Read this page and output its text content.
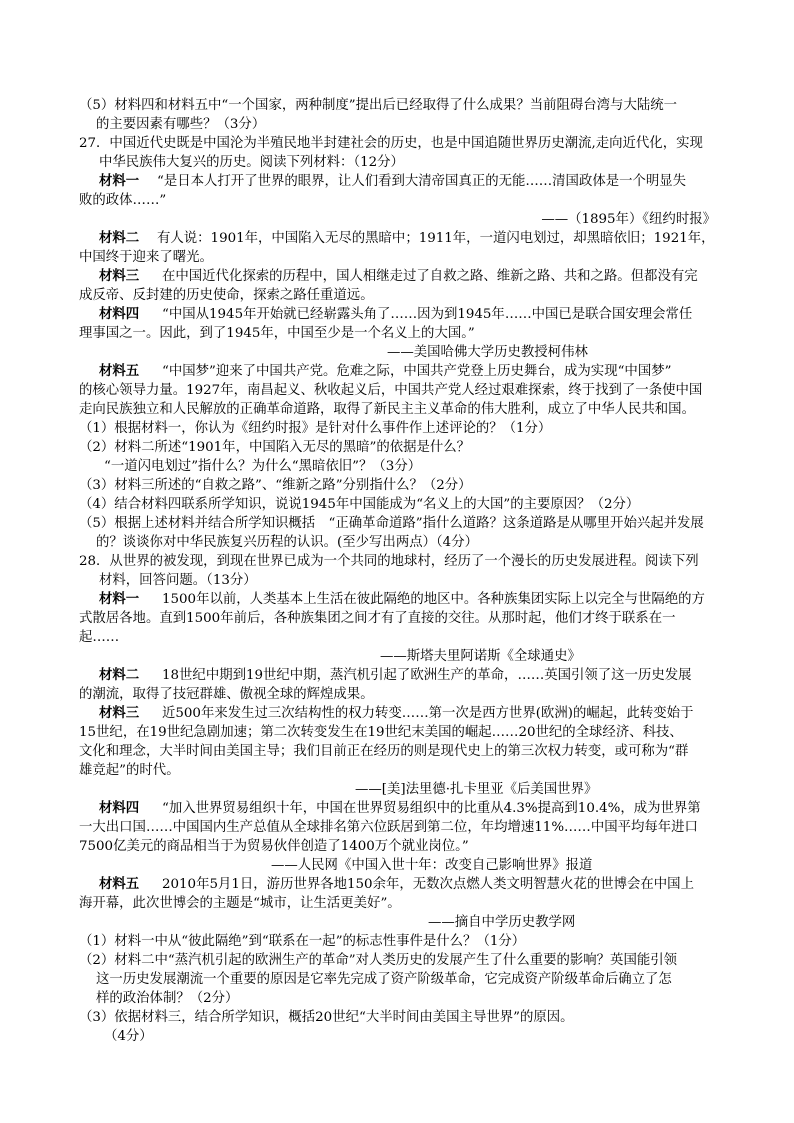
（5）材料四和材料五中“一个国家，两种制度”提出后已经取得了什么成果？当前阻碍台湾与大陆统一
的主要因素有哪些？（3分）
27．中国近代史既是中国沦为半殖民地半封建社会的历史，也是中国追随世界历史潮流,走向近代化，实现
中华民族伟大复兴的历史。阅读下列材料：（12分）
材料一 “是日本人打开了世界的眼界，让人们看到大清帝国真正的无能……清国政体是一个明显失
败的政体……”
——（1895年）《纽约时报》
材料二 有人说：1901年，中国陷入无尽的黑暗中；1911年，一道闪电划过，却黑暗依旧；1921年，
中国终于迎来了曙光。
材料三 在中国近代化探索的历程中，国人相继走过了自救之路、维新之路、共和之路。但都没有完
成反帝、反封建的历史使命，探索之路任重道远。
材料四 “中国从1945年开始就已经崭露头角了……因为到1945年……中国已是联合国安理会常任
理事国之一。因此，到了1945年，中国至少是一个名义上的大国。”
——美国哈佛大学历史教授柯伟林
材料五 “中国梦”迎来了中国共产党。危难之际，中国共产党登上历史舞台，成为实现“中国梦”
的核心领导力量。1927年，南昌起义、秋收起义后，中国共产党人经过艰难探索，终于找到了一条使中国
走向民族独立和人民解放的正确革命道路，取得了新民主主义革命的伟大胜利，成立了中华人民共和国。
（1）根据材料一，你认为《纽约时报》是针对什么事件作上述评论的？（1分）
（2）材料二所述“1901年，中国陷入无尽的黑暗”的依据是什么？
“一道闪电划过”指什么？为什么“黑暗依旧”？（3分）
（3）材料三所述的“自救之路”、“维新之路”分别指什么？（2分）
（4）结合材料四联系所学知识，说说1945年中国能成为“名义上的大国”的主要原因？（2分）
（5）根据上述材料并结合所学知识概括　“正确革命道路”指什么道路？这条道路是从哪里开始兴起并发展
的？谈谈你对中华民族复兴历程的认识。(至少写出两点）（4分）
28．从世界的被发现，到现在世界已成为一个共同的地球村，经历了一个漫长的历史发展进程。阅读下列
材料，回答问题。（13分）
材料一 1500年以前，人类基本上生活在彼此隔绝的地区中。各种族集团实际上以完全与世隔绝的方
式散居各地。直到1500年前后，各种族集团之间才有了直接的交往。从那时起，他们才终于联系在一
起……
——斯塔夫里阿诺斯《全球通史》
材料二 18世纪中期到19世纪中期，蒸汽机引起了欧洲生产的革命，……英国引领了这一历史发展
的潮流，取得了技冠群雄、傲视全球的辉煌成果。
材料三 近500年来发生过三次结构性的权力转变……第一次是西方世界(欧洲)的崛起，此转变始于
15世纪，在19世纪急剧加速；第二次转变发生在19世纪末美国的崛起……20世纪的全球经济、科技、
文化和理念，大半时间由美国主导；我们目前正在经历的则是现代史上的第三次权力转变，或可称为“群
雄竞起”的时代。
——[美]法里德·扎卡里亚《后美国世界》
材料四 “加入世界贸易组织十年，中国在世界贸易组织中的比重从4.3%提高到10.4%，成为世界第
一大出口国……中国国内生产总值从全球排名第六位跃居到第二位，年均增速11%……中国平均每年进口
7500亿美元的商品相当于为贸易伙伴创造了1400万个就业岗位。”
——人民网《中国入世十年：改变自己影响世界》报道
材料五 2010年5月1日，游历世界各地150余年，无数次点燃人类文明智慧火花的世博会在中国上
海开幕，此次世博会的主题是“城市，让生活更美好”。
——摘自中学历史教学网
（1）材料一中从“彼此隔绝”到“联系在一起”的标志性事件是什么？（1分）
（2）材料二中“蒸汽机引起的欧洲生产的革命”对人类历史的发展产生了什么重要的影响？英国能引领
这一历史发展潮流一个重要的原因是它率先完成了资产阶级革命，它完成资产阶级革命后确立了怎
样的政治体制？（2分）
（3）依据材料三，结合所学知识，概括20世纪“大半时间由美国主导世界”的原因。
（4分）
